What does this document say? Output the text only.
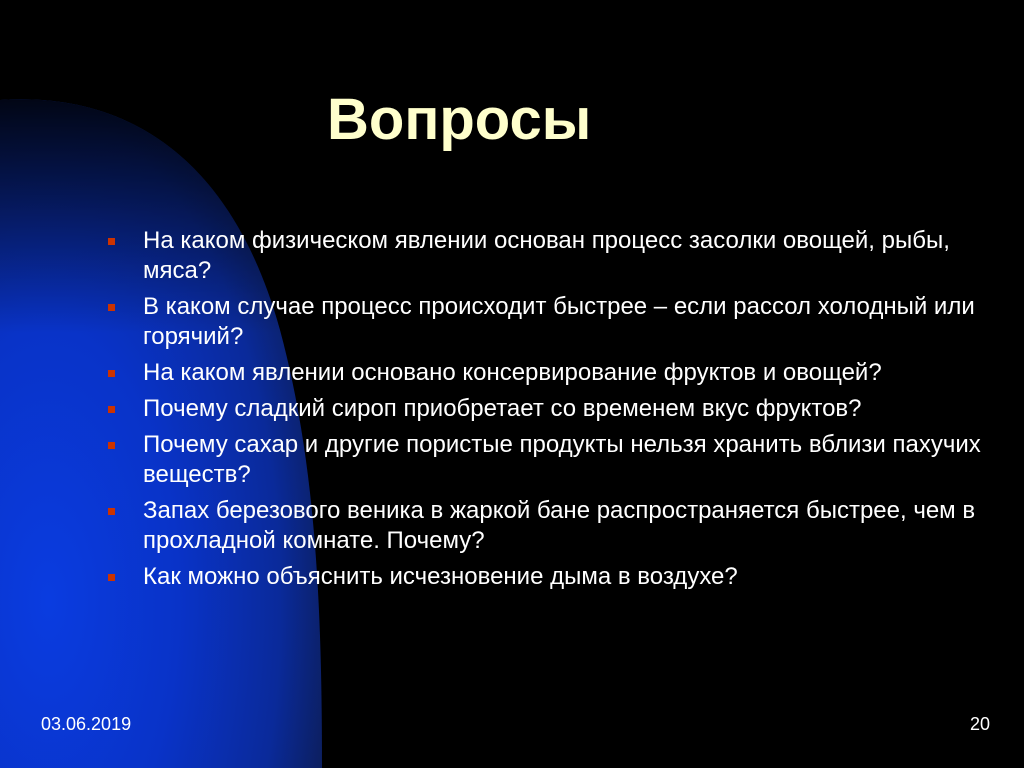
Вопросы
На каком физическом явлении основан процесс засолки овощей, рыбы, мяса?
В каком случае процесс происходит быстрее – если рассол холодный или горячий?
На каком явлении основано консервирование фруктов и овощей?
Почему сладкий сироп приобретает со временем вкус фруктов?
Почему сахар и другие пористые продукты нельзя хранить вблизи пахучих веществ?
Запах березового веника в жаркой бане распространяется быстрее, чем в прохладной комнате. Почему?
Как можно объяснить исчезновение дыма в воздухе?
03.06.2019	20
